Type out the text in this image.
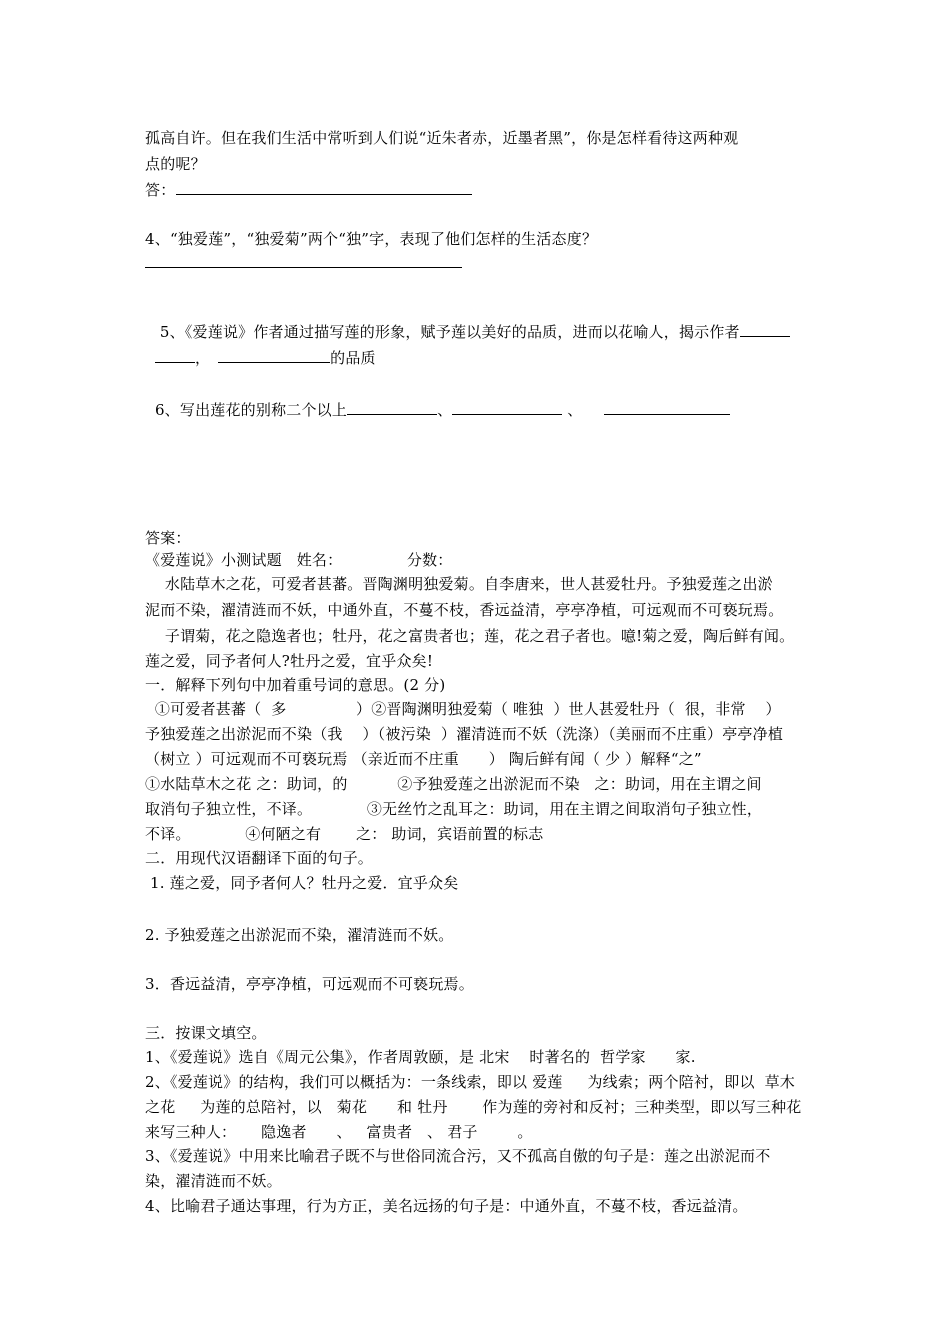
孤高自许。但在我们生活中常听到人们说“近朱者赤，近墨者黑”，你是怎样看待这两种观
点的呢？
答：
4、“独爱莲”，“独爱菊”两个“独”字，表现了他们怎样的生活态度？

5、《爱莲说》作者通过描写莲的形象，赋予莲以美好的品质，进而以花喻人，揭示作者

，	的品质

6、写出莲花的别称二个以上	、	、

答案：
《爱莲说》小测试题   姓名：             分数：
水陆草木之花，可爱者甚蕃。晋陶渊明独爱菊。自李唐来，世人甚爱牡丹。予独爱莲之出淤
泥而不染，濯清涟而不妖，中通外直，不蔓不枝，香远益清，亭亭净植，可远观而不可亵玩焉。
子谓菊，花之隐逸者也；牡丹，花之富贵者也；莲，花之君子者也。噫!菊之爱，陶后鲜有闻。
莲之爱，同予者何人?牡丹之爱，宜乎众矣!
一．解释下列句中加着重号词的意思。(2 分)
①可爱者甚蕃（  多              ）②晋陶渊明独爱菊（ 唯独  ）世人甚爱牡丹（  很，非常    ）
予独爱莲之出淤泥而不染（我    ）（被污染  ）濯清涟而不妖（洗涤）（美丽而不庄重）亭亭净植
（树立 ）可远观而不可亵玩焉 （亲近而不庄重      ） 陶后鲜有闻（ 少 ）解释“之”
①水陆草木之花 之：助词，的          ②予独爱莲之出淤泥而不染   之：助词，用在主谓之间
取消句子独立性，不译。           ③无丝竹之乱耳之：助词，用在主谓之间取消句子独立性，
不译。           ④何陋之有       之： 助词，宾语前置的标志
二．用现代汉语翻译下面的句子。
1. 莲之爱，同予者何人？牡丹之爱．宜乎众矣
2. 予独爱莲之出淤泥而不染，濯清涟而不妖。
3．香远益清，亭亭净植，可远观而不可亵玩焉。
三．按课文填空。
1、《爱莲说》选自《周元公集》，作者周敦颐，是 北宋    时著名的  哲学家      家.
2、《爱莲说》的结构，我们可以概括为：一条线索，即以 爱莲     为线索；两个陪衬，即以  草木
之花     为莲的总陪衬，以   菊花      和 牡丹       作为莲的旁衬和反衬；三种类型，即以写三种花
来写三种人：     隐逸者      、   富贵者   、 君子        。
3、《爱莲说》中用来比喻君子既不与世俗同流合污，又不孤高自傲的句子是：莲之出淤泥而不
染，濯清涟而不妖。
4、比喻君子通达事理，行为方正，美名远扬的句子是：中通外直，不蔓不枝，香远益清。
